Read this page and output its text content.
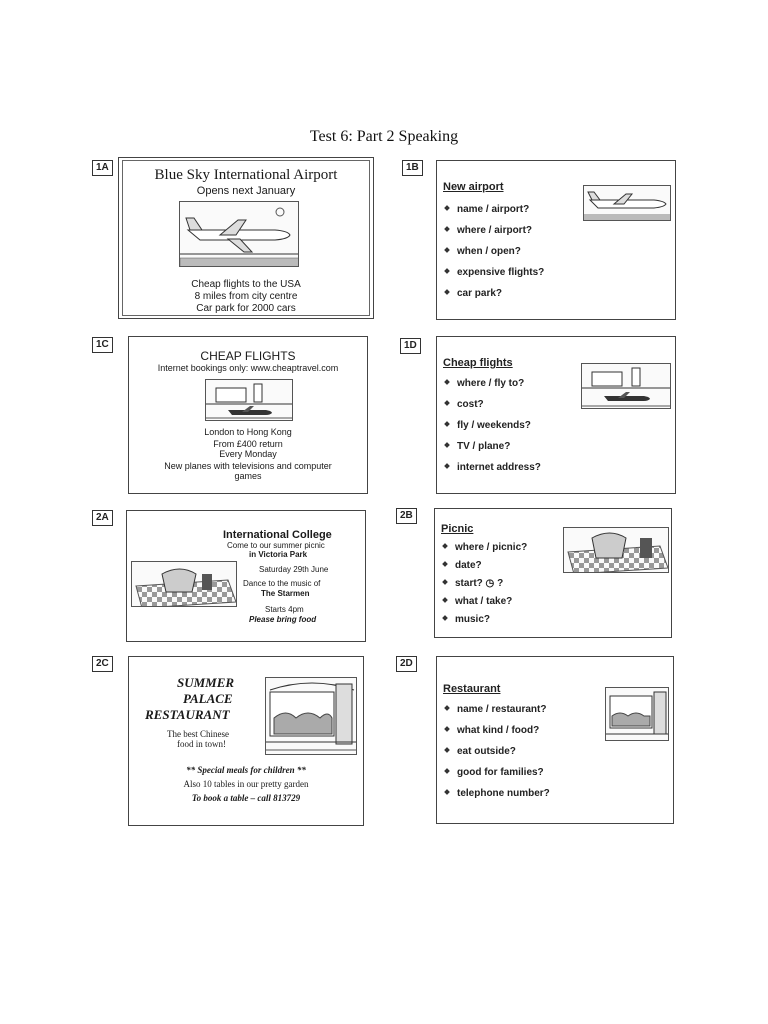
Test 6: Part 2 Speaking
Blue Sky International Airport
Opens next January
Cheap flights to the USA
8 miles from city centre
Car park for 2000 cars
1A
New airport
name / airport?
where / airport?
when / open?
expensive flights?
car park?
1B
CHEAP FLIGHTS
Internet bookings only: www.cheaptravel.com
London to Hong Kong
From £400 return
Every Monday
New planes with televisions and computer
games
1C
Cheap flights
where / fly to?
cost?
fly / weekends?
TV / plane?
internet address?
1D
International College
Come to our summer picnic
in Victoria Park
Saturday 29th June
Dance to the music of
The Starmen
Starts 4pm
Please bring food
2A
Picnic
where / picnic?
date?
start? ◷ ?
what / take?
music?
2B
SUMMER
PALACE
RESTAURANT
The best Chinese
food in town!
** Special meals for children **
Also 10 tables in our pretty garden
To book a table – call 813729
2C
Restaurant
name / restaurant?
what kind / food?
eat outside?
good for families?
telephone number?
2D
